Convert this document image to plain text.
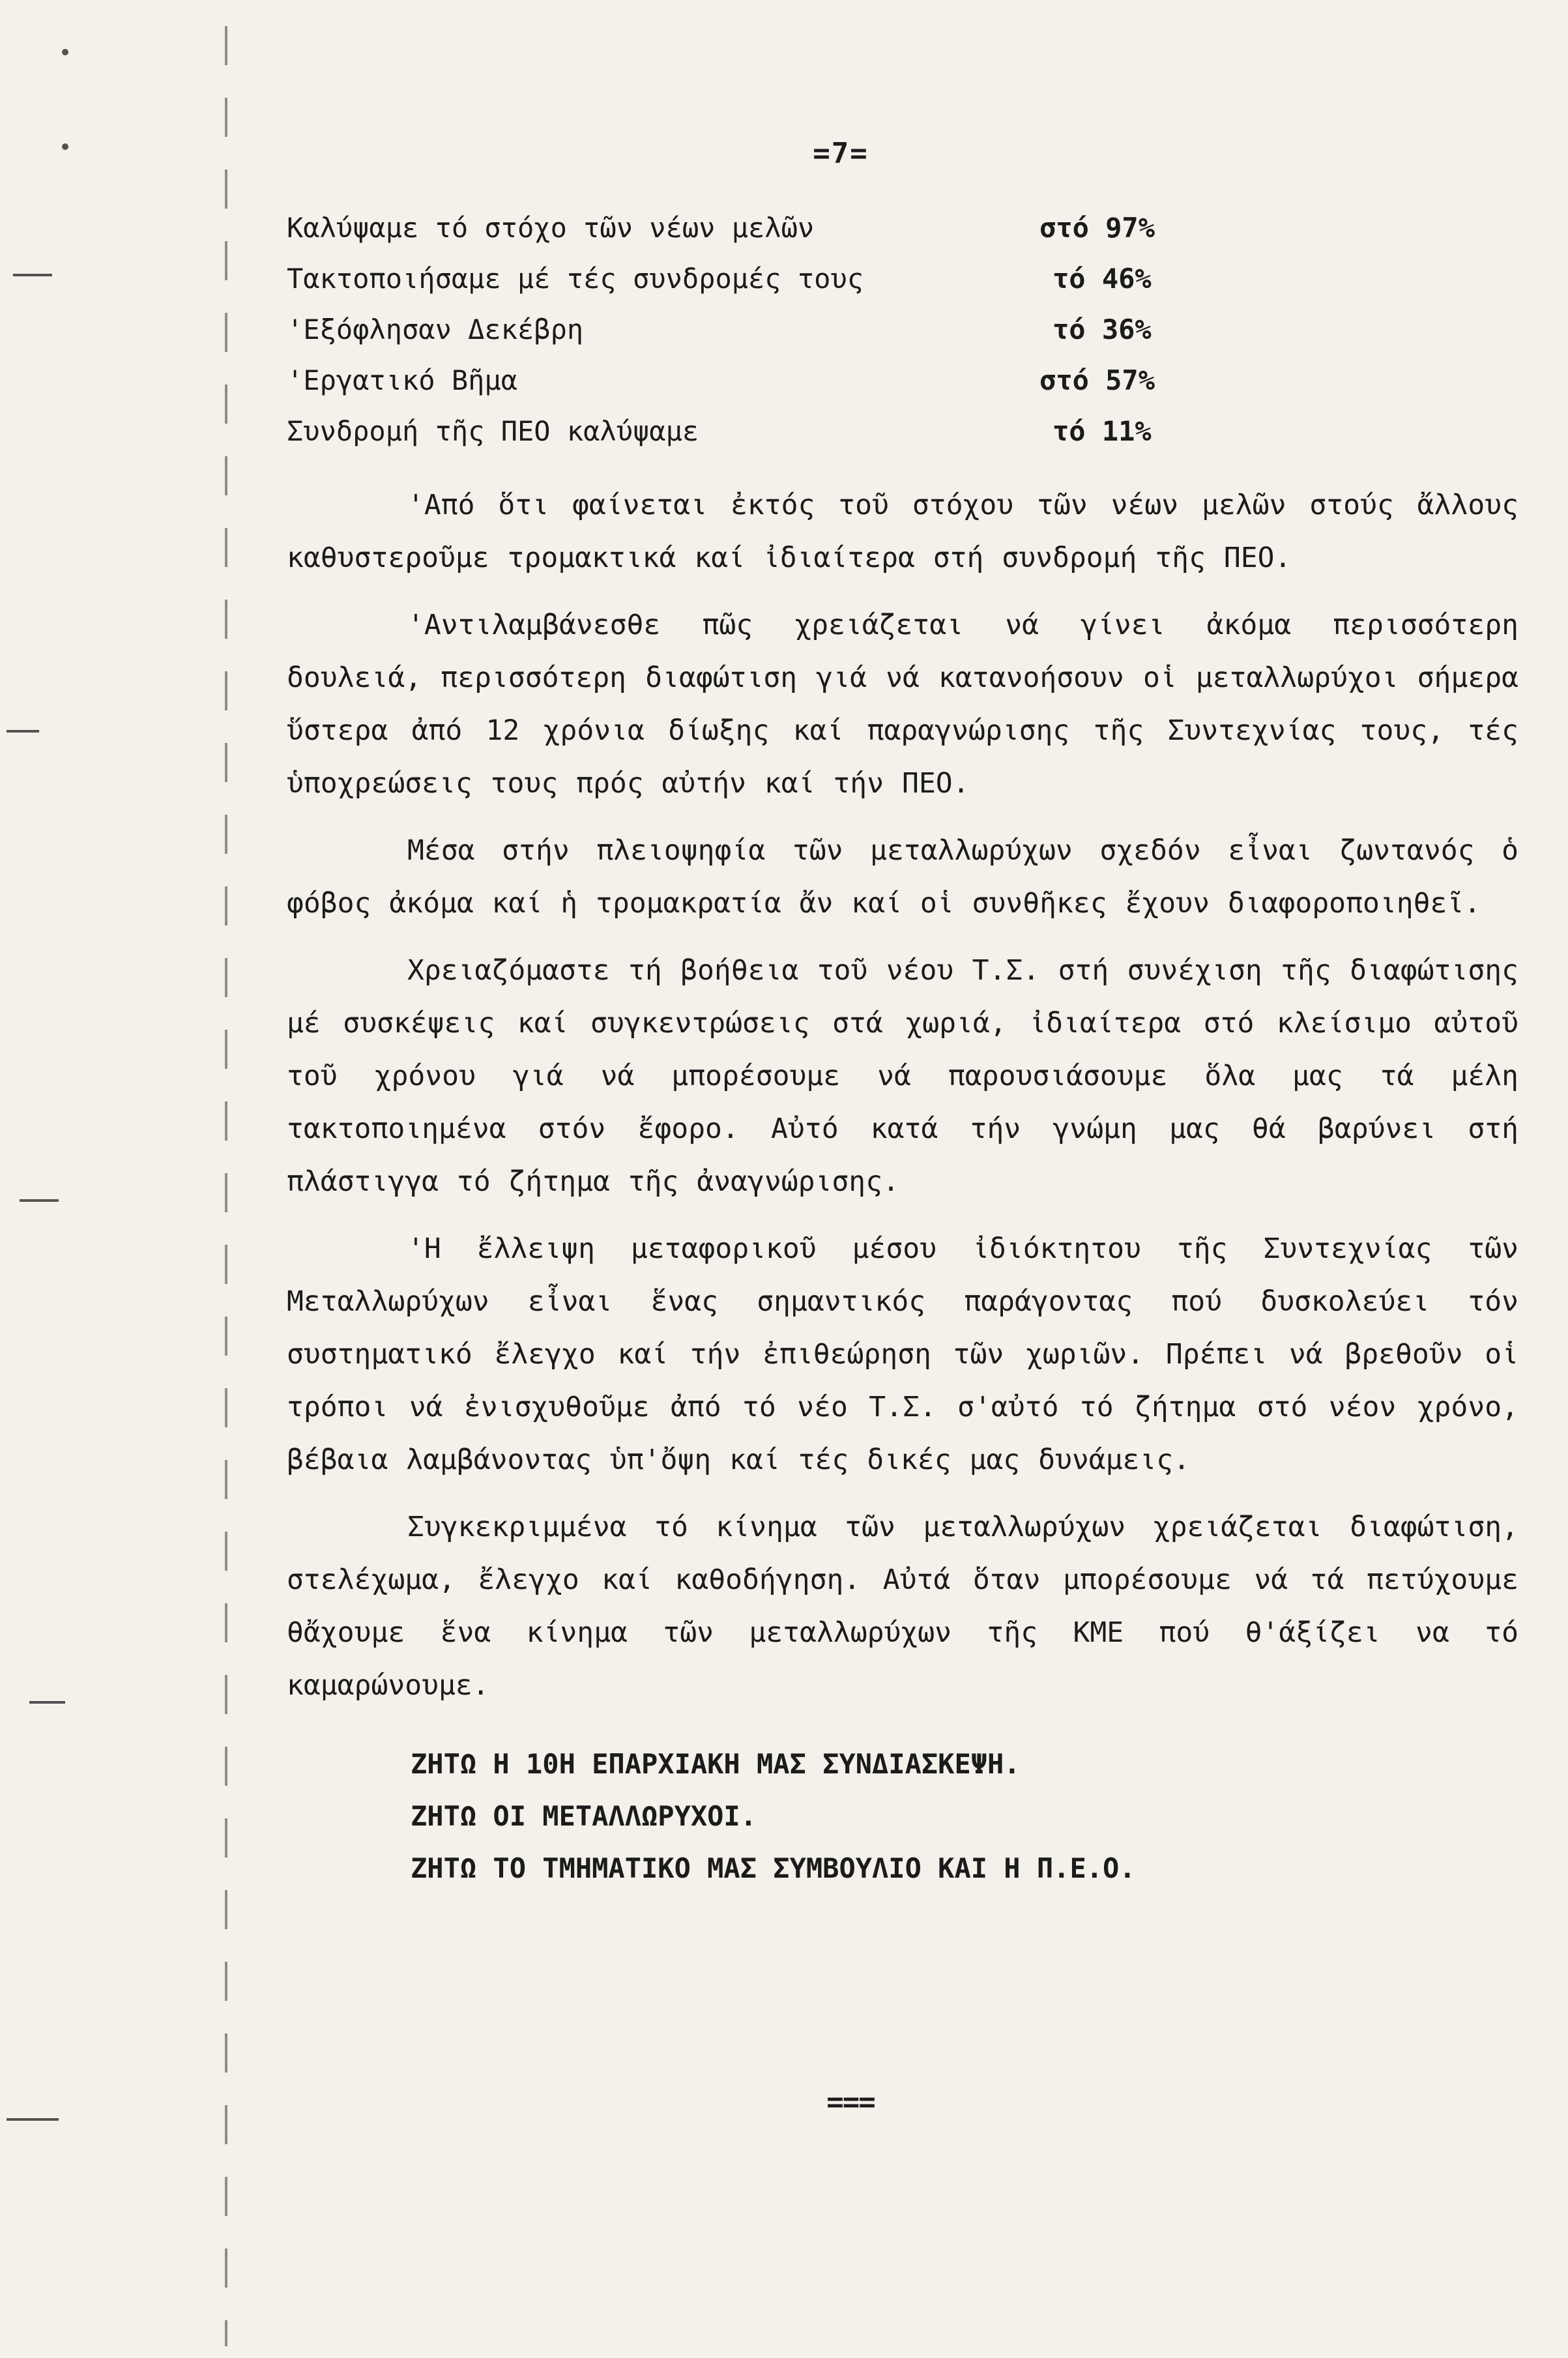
=7=
Καλύψαμε τό στόχο τῶν νέων μελῶν	στό 97%
Τακτοποιήσαμε μέ τές συνδρομές τους	τό 46%
'Εξόφλησαν Δεκέβρη	τό 36%
'Εργατικό Βῆμα	στό 57%
Συνδρομή τῆς ΠΕΟ καλύψαμε	τό 11%

'Από ὅτι φαίνεται ἐκτός τοῦ στόχου τῶν νέων μελῶν στούς ἄλλους καθυστεροῦμε τρομακτικά καί ἰδιαίτερα στή συνδρομή τῆς ΠΕΟ.

'Αντιλαμβάνεσθε πῶς χρειάζεται νά γίνει ἀκόμα περισσότερη δουλειά, περισσότερη διαφώτιση γιά νά κατανοήσουν οἱ μεταλλωρύχοι σήμερα ὕστερα ἀπό 12 χρόνια δίωξης καί παραγνώρισης τῆς Συντεχνίας τους, τές ὑποχρεώσεις τους πρός αὐτήν καί τήν ΠΕΟ.

Μέσα στήν πλειοψηφία τῶν μεταλλωρύχων σχεδόν εἶναι ζωντανός ὁ φόβος ἀκόμα καί ἡ τρομακρατία ἄν καί οἱ συνθῆκες ἔχουν διαφοροποιηθεῖ.

Χρειαζόμαστε τή βοήθεια τοῦ νέου Τ.Σ. στή συνέχιση τῆς διαφώτισης μέ συσκέψεις καί συγκεντρώσεις στά χωριά, ἰδιαίτερα στό κλείσιμο αὐτοῦ τοῦ χρόνου γιά νά μπορέσουμε νά παρουσιάσουμε ὅλα μας τά μέλη τακτοποιημένα στόν ἔφορο. Αὐτό κατά τήν γνώμη μας θά βαρύνει στή πλάστιγγα τό ζήτημα τῆς ἀναγνώρισης.

'Η ἔλλειψη μεταφορικοῦ μέσου ἰδιόκτητου τῆς Συντεχνίας τῶν Μεταλλωρύχων εἶναι ἕνας σημαντικός παράγοντας πού δυσκολεύει τόν συστηματικό ἔλεγχο καί τήν ἐπιθεώρηση τῶν χωριῶν. Πρέπει νά βρεθοῦν οἱ τρόποι νά ἐνισχυθοῦμε ἀπό τό νέο Τ.Σ. σ'αὐτό τό ζήτημα στό νέον χρόνο, βέβαια λαμβάνοντας ὑπ'ὄψη καί τές δικές μας δυνάμεις.

Συγκεκριμμένα τό κίνημα τῶν μεταλλωρύχων χρειάζεται διαφώτιση, στελέχωμα, ἔλεγχο καί καθοδήγηση. Αὐτά ὅταν μπορέσουμε νά τά πετύχουμε θἄχουμε ἕνα κίνημα τῶν μεταλλωρύχων τῆς ΚΜΕ πού θ'άξίζει να τό καμαρώνουμε.

ΖΗΤΩ Η 10Η ΕΠΑΡΧΙΑΚΗ ΜΑΣ ΣΥΝΔΙΑΣΚΕΨΗ.
ΖΗΤΩ ΟΙ ΜΕΤΑΛΛΩΡΥΧΟΙ.
ΖΗΤΩ ΤΟ ΤΜΗΜΑΤΙΚΟ ΜΑΣ ΣΥΜΒΟΥΛΙΟ ΚΑΙ Η Π.Ε.Ο.
===
